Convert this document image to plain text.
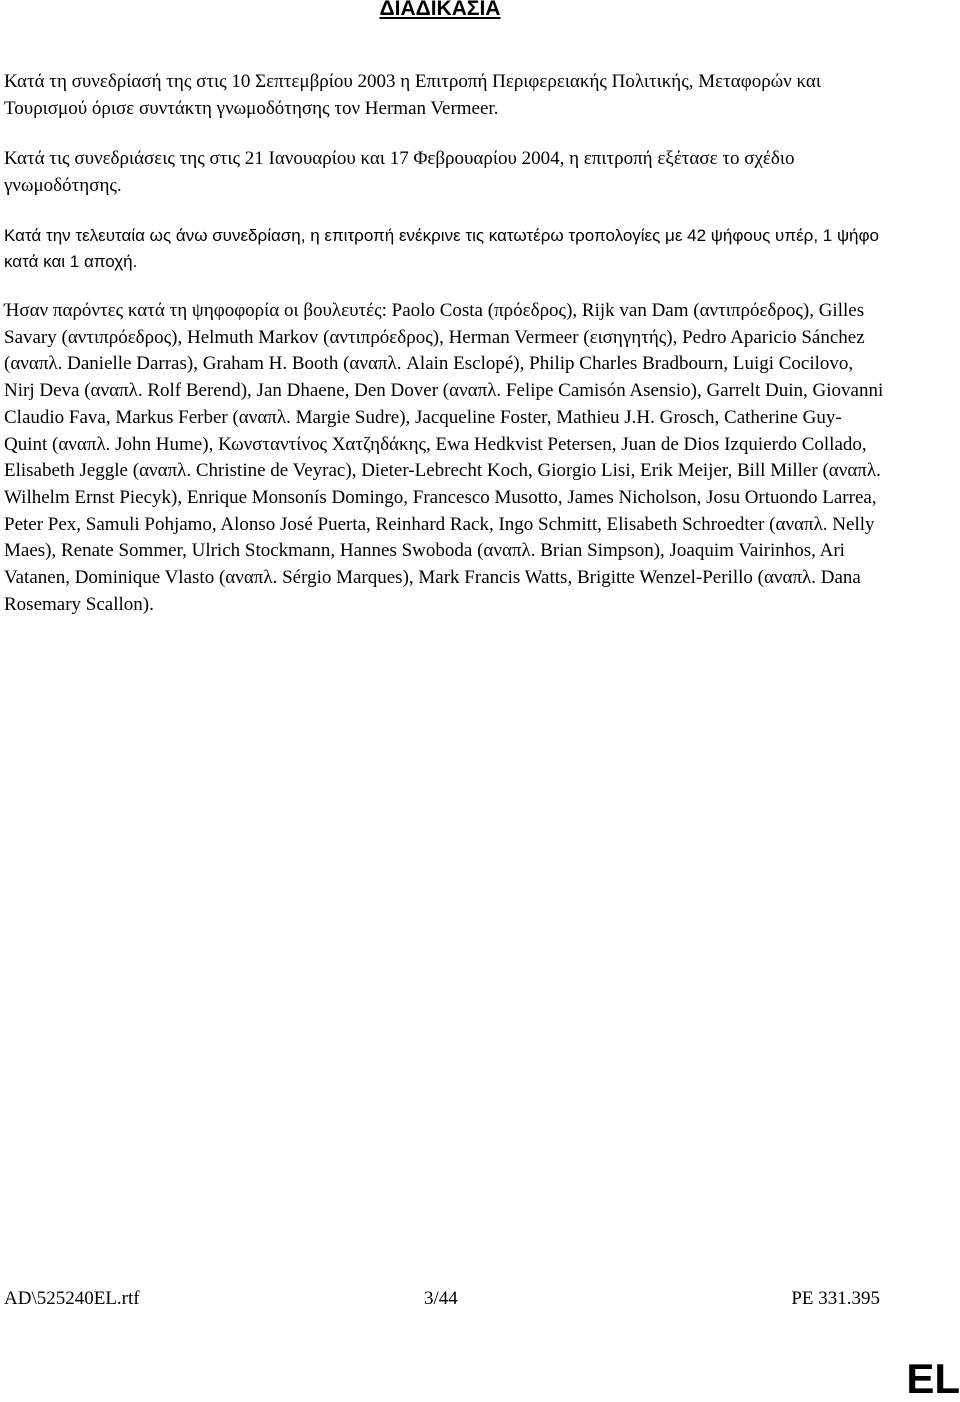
ΔΙΑΔΙΚΑΣΙΑ

Κατά τη συνεδρίασή της στις 10 Σεπτεμβρίου 2003 η Επιτροπή Περιφερειακής Πολιτικής, Μεταφορών και Τουρισμού όρισε συντάκτη γνωμοδότησης τον Herman Vermeer.

Κατά τις συνεδριάσεις της στις 21 Ιανουαρίου και 17 Φεβρουαρίου 2004, η επιτροπή εξέτασε το σχέδιο γνωμοδότησης.

Κατά την τελευταία ως άνω συνεδρίαση, η επιτροπή ενέκρινε τις κατωτέρω τροπολογίες με 42 ψήφους υπέρ, 1 ψήφο κατά και 1 αποχή.

Ήσαν παρόντες κατά τη ψηφοφορία οι βουλευτές: Paolo Costa (πρόεδρος), Rijk van Dam (αντιπρόεδρος), Gilles Savary (αντιπρόεδρος), Helmuth Markov (αντιπρόεδρος), Herman Vermeer (εισηγητής), Pedro Aparicio Sánchez (αναπλ. Danielle Darras), Graham H. Booth (αναπλ. Alain Esclopé), Philip Charles Bradbourn, Luigi Cocilovo, Nirj Deva (αναπλ. Rolf Berend), Jan Dhaene, Den Dover (αναπλ. Felipe Camisón Asensio), Garrelt Duin, Giovanni Claudio Fava, Markus Ferber (αναπλ. Margie Sudre), Jacqueline Foster, Mathieu J.H. Grosch, Catherine Guy-Quint (αναπλ. John Hume), Κωνσταντίνος Χατζηδάκης, Ewa Hedkvist Petersen, Juan de Dios Izquierdo Collado, Elisabeth Jeggle (αναπλ. Christine de Veyrac), Dieter-Lebrecht Koch, Giorgio Lisi, Erik Meijer, Bill Miller (αναπλ. Wilhelm Ernst Piecyk), Enrique Monsonís Domingo, Francesco Musotto, James Nicholson, Josu Ortuondo Larrea, Peter Pex, Samuli Pohjamo, Alonso José Puerta, Reinhard Rack, Ingo Schmitt, Elisabeth Schroedter (αναπλ. Nelly Maes), Renate Sommer, Ulrich Stockmann, Hannes Swoboda (αναπλ. Brian Simpson), Joaquim Vairinhos, Ari Vatanen, Dominique Vlasto (αναπλ. Sérgio Marques), Mark Francis Watts, Brigitte Wenzel-Perillo (αναπλ. Dana Rosemary Scallon).

AD\525240EL.rtf	3/44	PE 331.395
EL
